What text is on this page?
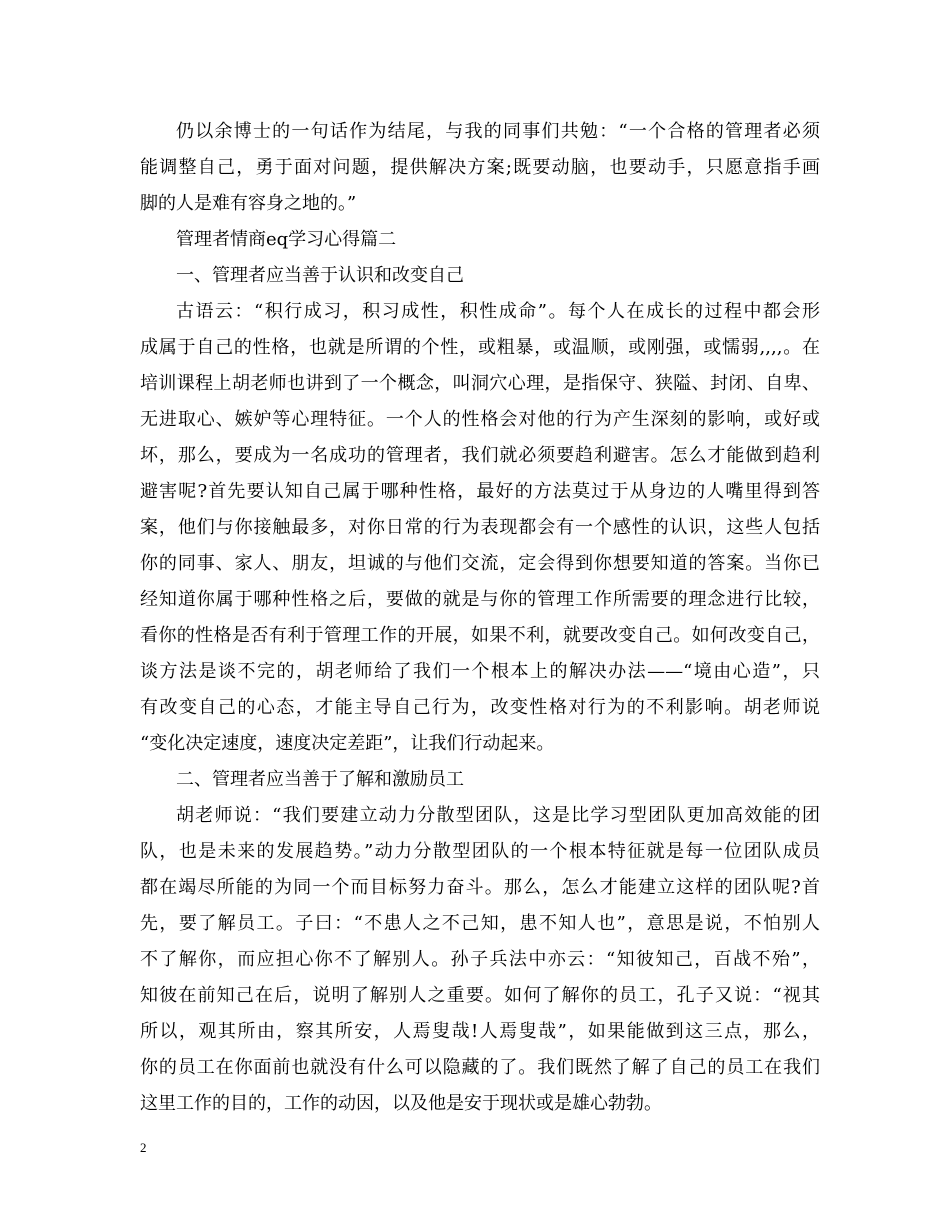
仍以余博士的一句话作为结尾，与我的同事们共勉：“一个合格的管理者必须
能调整自己，勇于面对问题，提供解决方案;既要动脑，也要动手，只愿意指手画
脚的人是难有容身之地的。”
管理者情商eq学习心得篇二
一、管理者应当善于认识和改变自己
古语云：“积行成习，积习成性，积性成命”。每个人在成长的过程中都会形
成属于自己的性格，也就是所谓的个性，或粗暴，或温顺，或刚强，或懦弱,,,,。在
培训课程上胡老师也讲到了一个概念，叫洞穴心理，是指保守、狭隘、封闭、自卑、
无进取心、嫉妒等心理特征。一个人的性格会对他的行为产生深刻的影响，或好或
坏，那么，要成为一名成功的管理者，我们就必须要趋利避害。怎么才能做到趋利
避害呢?首先要认知自己属于哪种性格，最好的方法莫过于从身边的人嘴里得到答
案，他们与你接触最多，对你日常的行为表现都会有一个感性的认识，这些人包括
你的同事、家人、朋友，坦诚的与他们交流，定会得到你想要知道的答案。当你已
经知道你属于哪种性格之后，要做的就是与你的管理工作所需要的理念进行比较，
看你的性格是否有利于管理工作的开展，如果不利，就要改变自己。如何改变自己，
谈方法是谈不完的，胡老师给了我们一个根本上的解决办法——“境由心造”，只
有改变自己的心态，才能主导自己行为，改变性格对行为的不利影响。胡老师说
“变化决定速度，速度决定差距”，让我们行动起来。
二、管理者应当善于了解和激励员工
胡老师说：“我们要建立动力分散型团队，这是比学习型团队更加高效能的团
队，也是未来的发展趋势。”动力分散型团队的一个根本特征就是每一位团队成员
都在竭尽所能的为同一个而目标努力奋斗。那么，怎么才能建立这样的团队呢?首
先，要了解员工。子曰：“不患人之不己知，患不知人也”，意思是说，不怕别人
不了解你，而应担心你不了解别人。孙子兵法中亦云：“知彼知己，百战不殆”，
知彼在前知己在后，说明了解别人之重要。如何了解你的员工，孔子又说：“视其
所以，观其所由，察其所安，人焉叟哉!人焉叟哉”，如果能做到这三点，那么，
你的员工在你面前也就没有什么可以隐藏的了。我们既然了解了自己的员工在我们
这里工作的目的，工作的动因，以及他是安于现状或是雄心勃勃。
2
